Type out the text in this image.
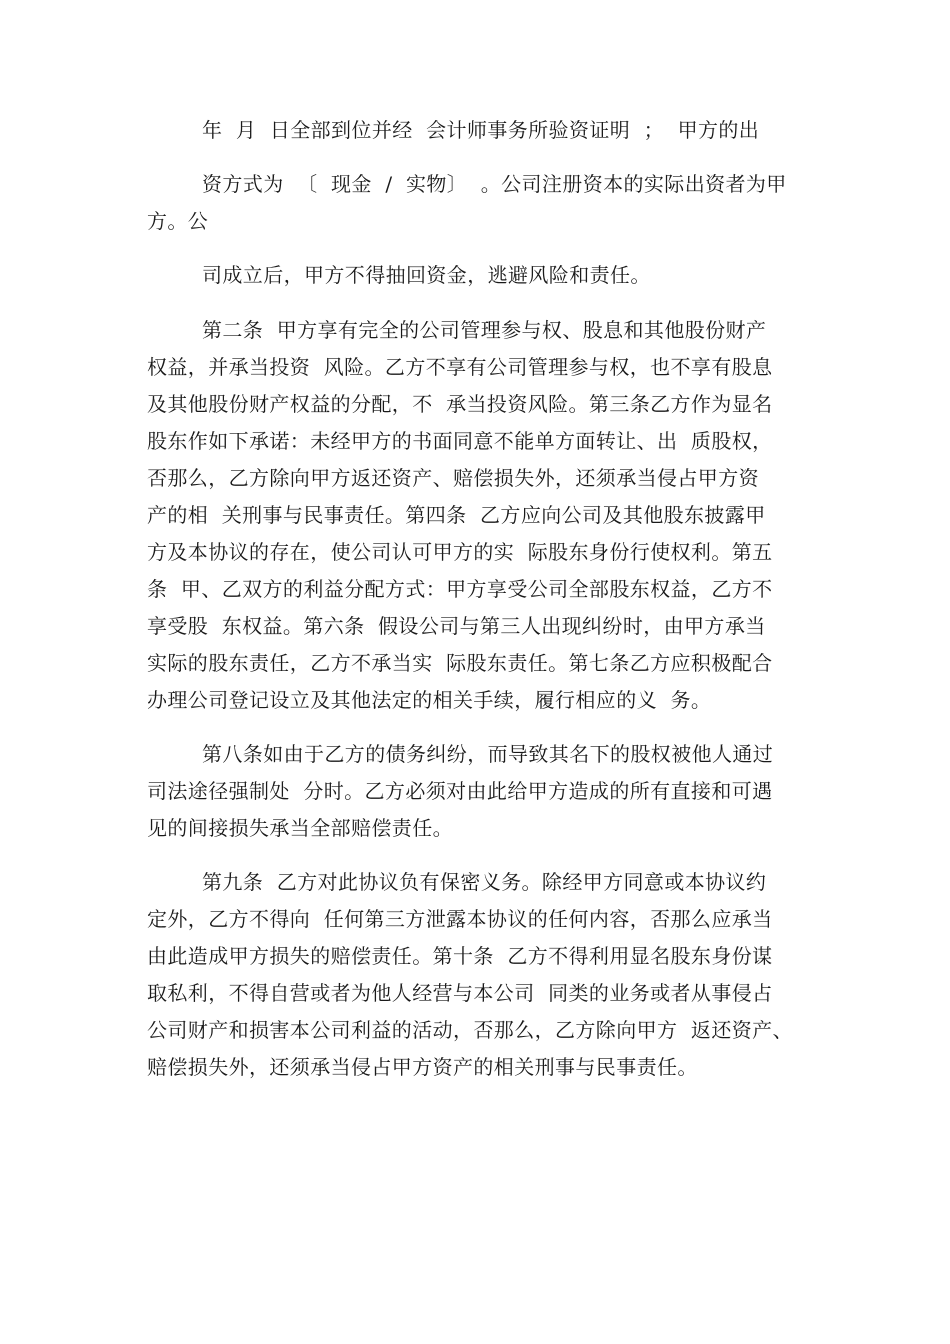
年  月  日全部到位并经  会计师事务所验资证明  ；  甲方的出
资方式为  〔  现金  /  实物〕  。公司注册资本的实际出资者为甲
方。公
司成立后，甲方不得抽回资金，逃避风险和责任。
第二条  甲方享有完全的公司管理参与权、股息和其他股份财产
权益，并承当投资  风险。乙方不享有公司管理参与权，也不享有股息
及其他股份财产权益的分配，不  承当投资风险。第三条乙方作为显名
股东作如下承诺：未经甲方的书面同意不能单方面转让、出  质股权，
否那么，乙方除向甲方返还资产、赔偿损失外，还须承当侵占甲方资
产的相  关刑事与民事责任。第四条  乙方应向公司及其他股东披露甲
方及本协议的存在，使公司认可甲方的实  际股东身份行使权利。第五
条  甲、乙双方的利益分配方式：甲方享受公司全部股东权益，乙方不
享受股  东权益。第六条  假设公司与第三人出现纠纷时，由甲方承当
实际的股东责任，乙方不承当实  际股东责任。第七条乙方应积极配合
办理公司登记设立及其他法定的相关手续，履行相应的义  务。
第八条如由于乙方的债务纠纷，而导致其名下的股权被他人通过
司法途径强制处  分时。乙方必须对由此给甲方造成的所有直接和可遇
见的间接损失承当全部赔偿责任。
第九条  乙方对此协议负有保密义务。除经甲方同意或本协议约
定外，乙方不得向  任何第三方泄露本协议的任何内容，否那么应承当
由此造成甲方损失的赔偿责任。第十条  乙方不得利用显名股东身份谋
取私利，不得自营或者为他人经营与本公司  同类的业务或者从事侵占
公司财产和损害本公司利益的活动，否那么，乙方除向甲方  返还资产、
赔偿损失外，还须承当侵占甲方资产的相关刑事与民事责任。
